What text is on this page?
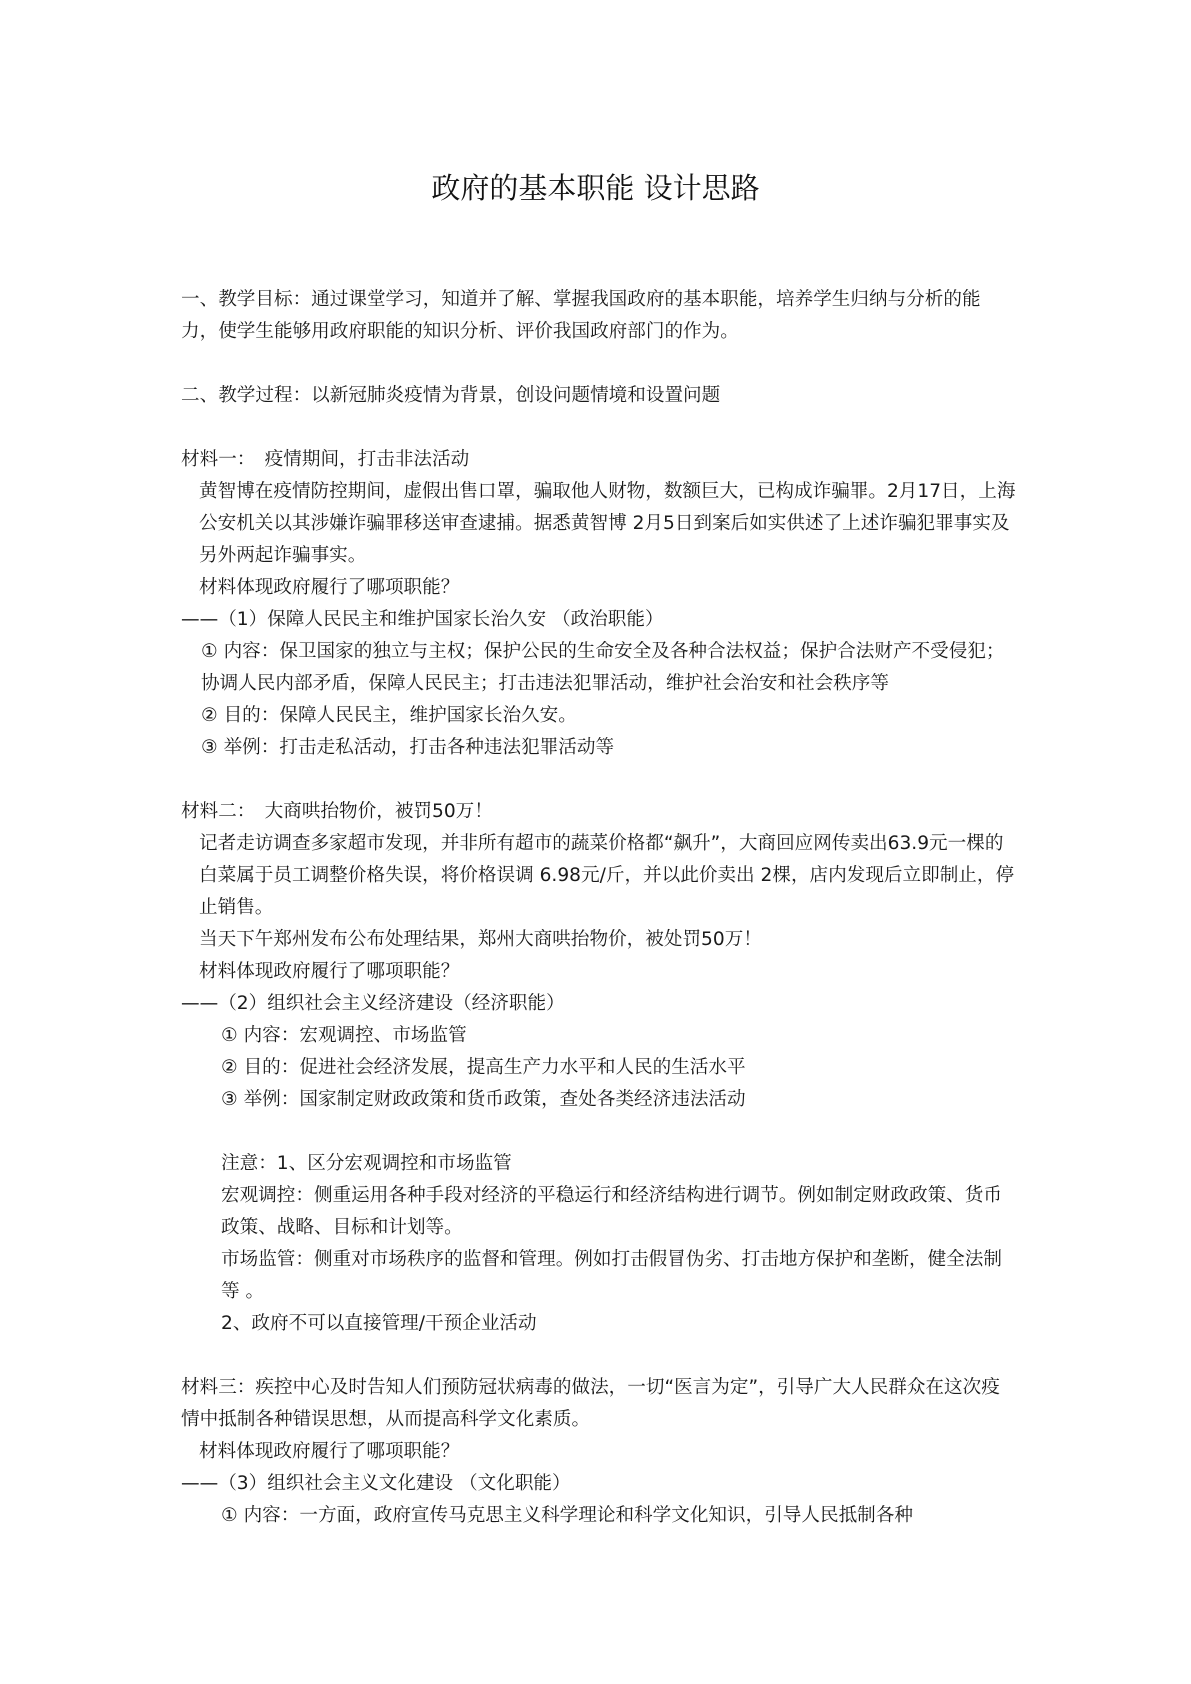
政府的基本职能 设计思路

一、教学目标：通过课堂学习，知道并了解、掌握我国政府的基本职能，培养学生归纳与分析的能力，使学生能够用政府职能的知识分析、评价我国政府部门的作为。

二、教学过程：以新冠肺炎疫情为背景，创设问题情境和设置问题

材料一：　疫情期间，打击非法活动

黄智博在疫情防控期间，虚假出售口罩，骗取他人财物，数额巨大，已构成诈骗罪。2月17日，上海公安机关以其涉嫌诈骗罪移送审查逮捕。据悉黄智博 2月5日到案后如实供述了上述诈骗犯罪事实及另外两起诈骗事实。

材料体现政府履行了哪项职能？

——（1）保障人民民主和维护国家长治久安 （政治职能）

① 内容：保卫国家的独立与主权；保护公民的生命安全及各种合法权益；保护合法财产不受侵犯；协调人民内部矛盾，保障人民民主；打击违法犯罪活动，维护社会治安和社会秩序等

② 目的：保障人民民主，维护国家长治久安。

③ 举例：打击走私活动，打击各种违法犯罪活动等

材料二：　大商哄抬物价，被罚50万！

记者走访调查多家超市发现，并非所有超市的蔬菜价格都“飙升”，大商回应网传卖出63.9元一棵的白菜属于员工调整价格失误，将价格误调 6.98元/斤，并以此价卖出 2棵，店内发现后立即制止，停止销售。

当天下午郑州发布公布处理结果，郑州大商哄抬物价，被处罚50万！

材料体现政府履行了哪项职能？

——（2）组织社会主义经济建设（经济职能）

① 内容：宏观调控、市场监管

② 目的：促进社会经济发展，提高生产力水平和人民的生活水平

③ 举例：国家制定财政政策和货币政策，查处各类经济违法活动

注意：1、区分宏观调控和市场监管

宏观调控：侧重运用各种手段对经济的平稳运行和经济结构进行调节。例如制定财政政策、货币政策、战略、目标和计划等。

市场监管：侧重对市场秩序的监督和管理。例如打击假冒伪劣、打击地方保护和垄断，健全法制等 。

2、政府不可以直接管理/干预企业活动

材料三：疾控中心及时告知人们预防冠状病毒的做法，一切“医言为定”，引导广大人民群众在这次疫情中抵制各种错误思想，从而提高科学文化素质。

材料体现政府履行了哪项职能？

——（3）组织社会主义文化建设 （文化职能）

① 内容：一方面，政府宣传马克思主义科学理论和科学文化知识，引导人民抵制各种
